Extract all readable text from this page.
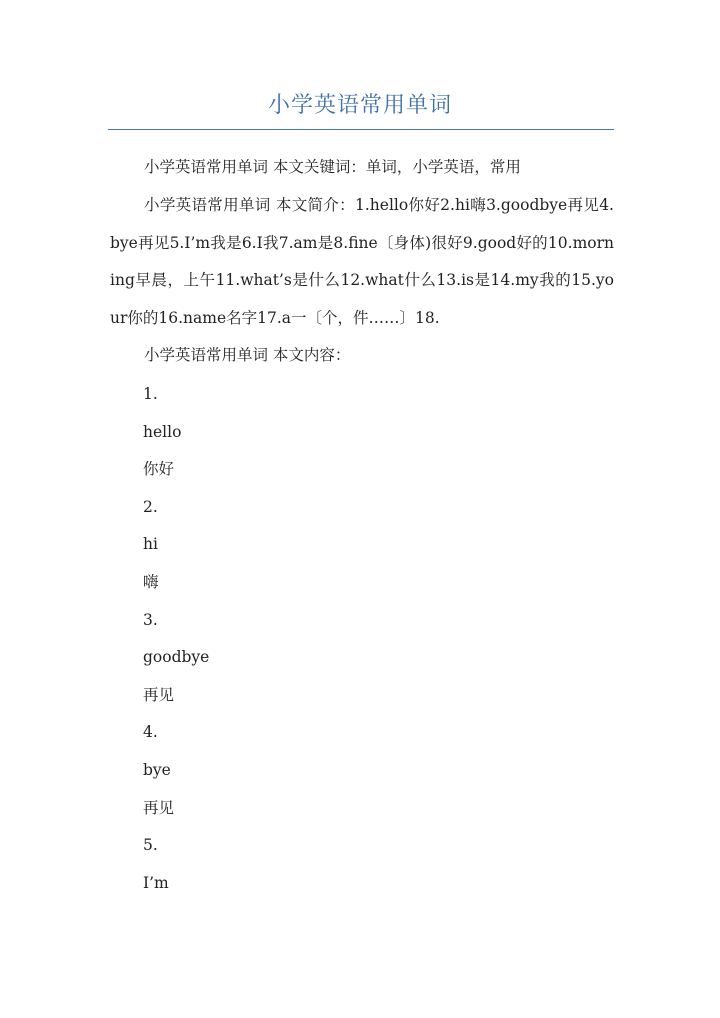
小学英语常用单词

小学英语常用单词 本文关键词：单词，小学英语，常用

小学英语常用单词 本文简介：1.hello你好2.hi嗨3.goodbye再见4.bye再见5.I’m我是6.I我7.am是8.fine〔身体)很好9.good好的10.morning早晨，上午11.what’s是什么12.what什么13.is是14.my我的15.your你的16.name名字17.a一〔个，件……〕18.

小学英语常用单词 本文内容：

1.
hello
你好
2.
hi
嗨
3.
goodbye
再见
4.
bye
再见
5.
I’m
